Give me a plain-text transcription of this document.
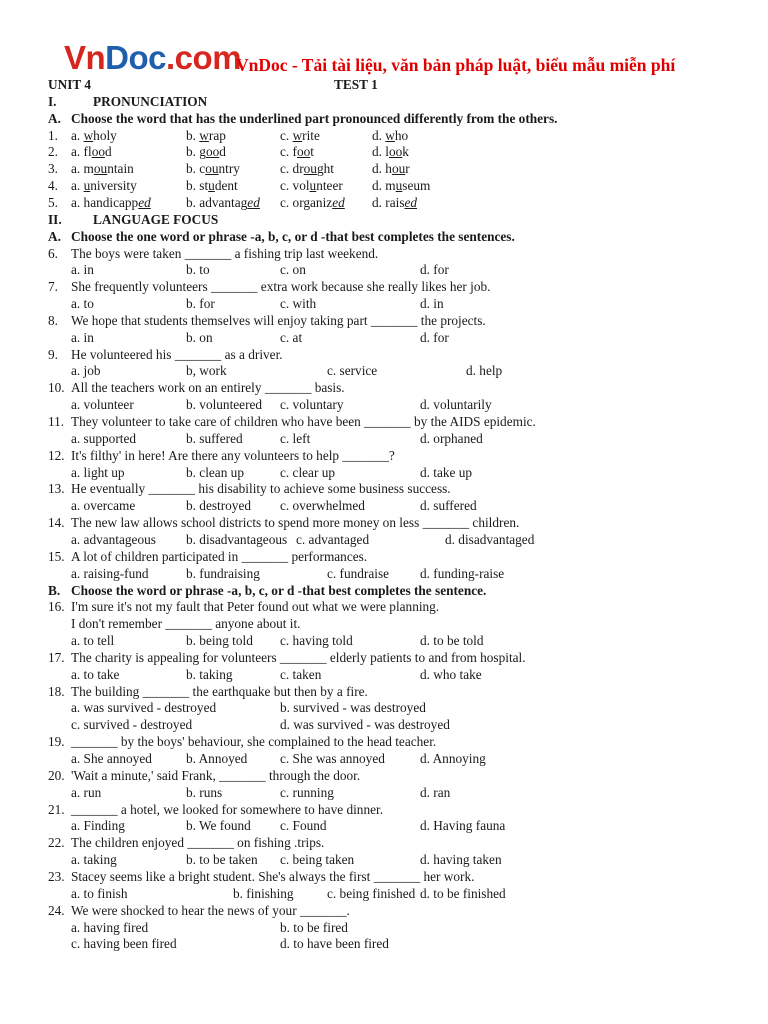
VnDoc.com
VnDoc - Tải tài liệu, văn bản pháp luật, biểu mẫu miễn phí
UNIT 4	TEST 1
I.	PRONUNCIATION
A. Choose the word that has the underlined part pronounced differently from the others.
1. a. wholy	b. wrap	c. write	d. who
2. a. flood	b. good	c. foot	d. look
3. a. mountain	b. country	c. drought	d. hour
4. a. university	b. student	c. volunteer d. museum
5. a. handicapped	b. advantaged c. organized d. raised
II. LANGUAGE FOCUS
A. Choose the one word or phrase -a, b, c, or d -that best completes the sentences.
6. The boys were taken _______ a fishing trip last weekend.
a. in	b. to	c. on	d. for
7. She frequently volunteers _______ extra work because she really likes her job.
a. to	b. for	c. with	d. in
8. We hope that students themselves will enjoy taking part _______ the projects.
a. in	b. on	c. at	d. for
9. He volunteered his _______ as a driver.
a. job	b, work	c. service	d. help
10. All the teachers work on an entirely _______ basis.
a. volunteer	b. volunteered c. voluntary	d. voluntarily
11. They volunteer to take care of children who have been _______ by the AIDS epidemic.
a. supported	b. suffered	c. left	d. orphaned
12. It's filthy' in here! Are there any volunteers to help _______?
a. light up	b. clean up	c. clear up	d. take up
13. He eventually _______ his disability to achieve some business success.
a. overcame	b. destroyed c. overwhelmed	d. suffered
14. The new law allows school districts to spend more money on less _______ children.
a. advantageous b. disadvantageous c. advantaged	d. disadvantaged
15. A lot of children participated in _______ performances.
a. raising-fund	b. fundraising	c. fundraise d. funding-raise
B. Choose the word or phrase -a, b, c, or d -that best completes the sentence.
16. I'm sure it's not my fault that Peter found out what we were planning.
I don't remember _______ anyone about it.
a. to tell	b. being told c. having told	d. to be told
17. The charity is appealing for volunteers _______ elderly patients to and from hospital.
a. to take	b. taking	c. taken	d. who take
18. The building _______ the earthquake but then by a fire.
a. was survived - destroyed	b. survived - was destroyed
c. survived - destroyed	d. was survived - was destroyed
19. _______ by the boys' behaviour, she complained to the head teacher.
a. She annoyed	b. Annoyed c. She was annoyed	d. Annoying
20. 'Wait a minute,' said Frank, _______ through the door.
a. run	b. runs	c. running	d. ran
21. _______ a hotel, we looked for somewhere to have dinner.
a. Finding	b. We found c. Found	d. Having fauna
22. The children enjoyed _______ on fishing .trips.
a. taking	b. to be taken c. being taken	d. having taken
23. Stacey seems like a bright student. She's always the first _______ her work.
a. to finish	b. finishing	c. being finished d. to be finished
24. We were shocked to hear the news of your _______.
a. having fired	b. to be fired
c. having been fired	d. to have been fired
